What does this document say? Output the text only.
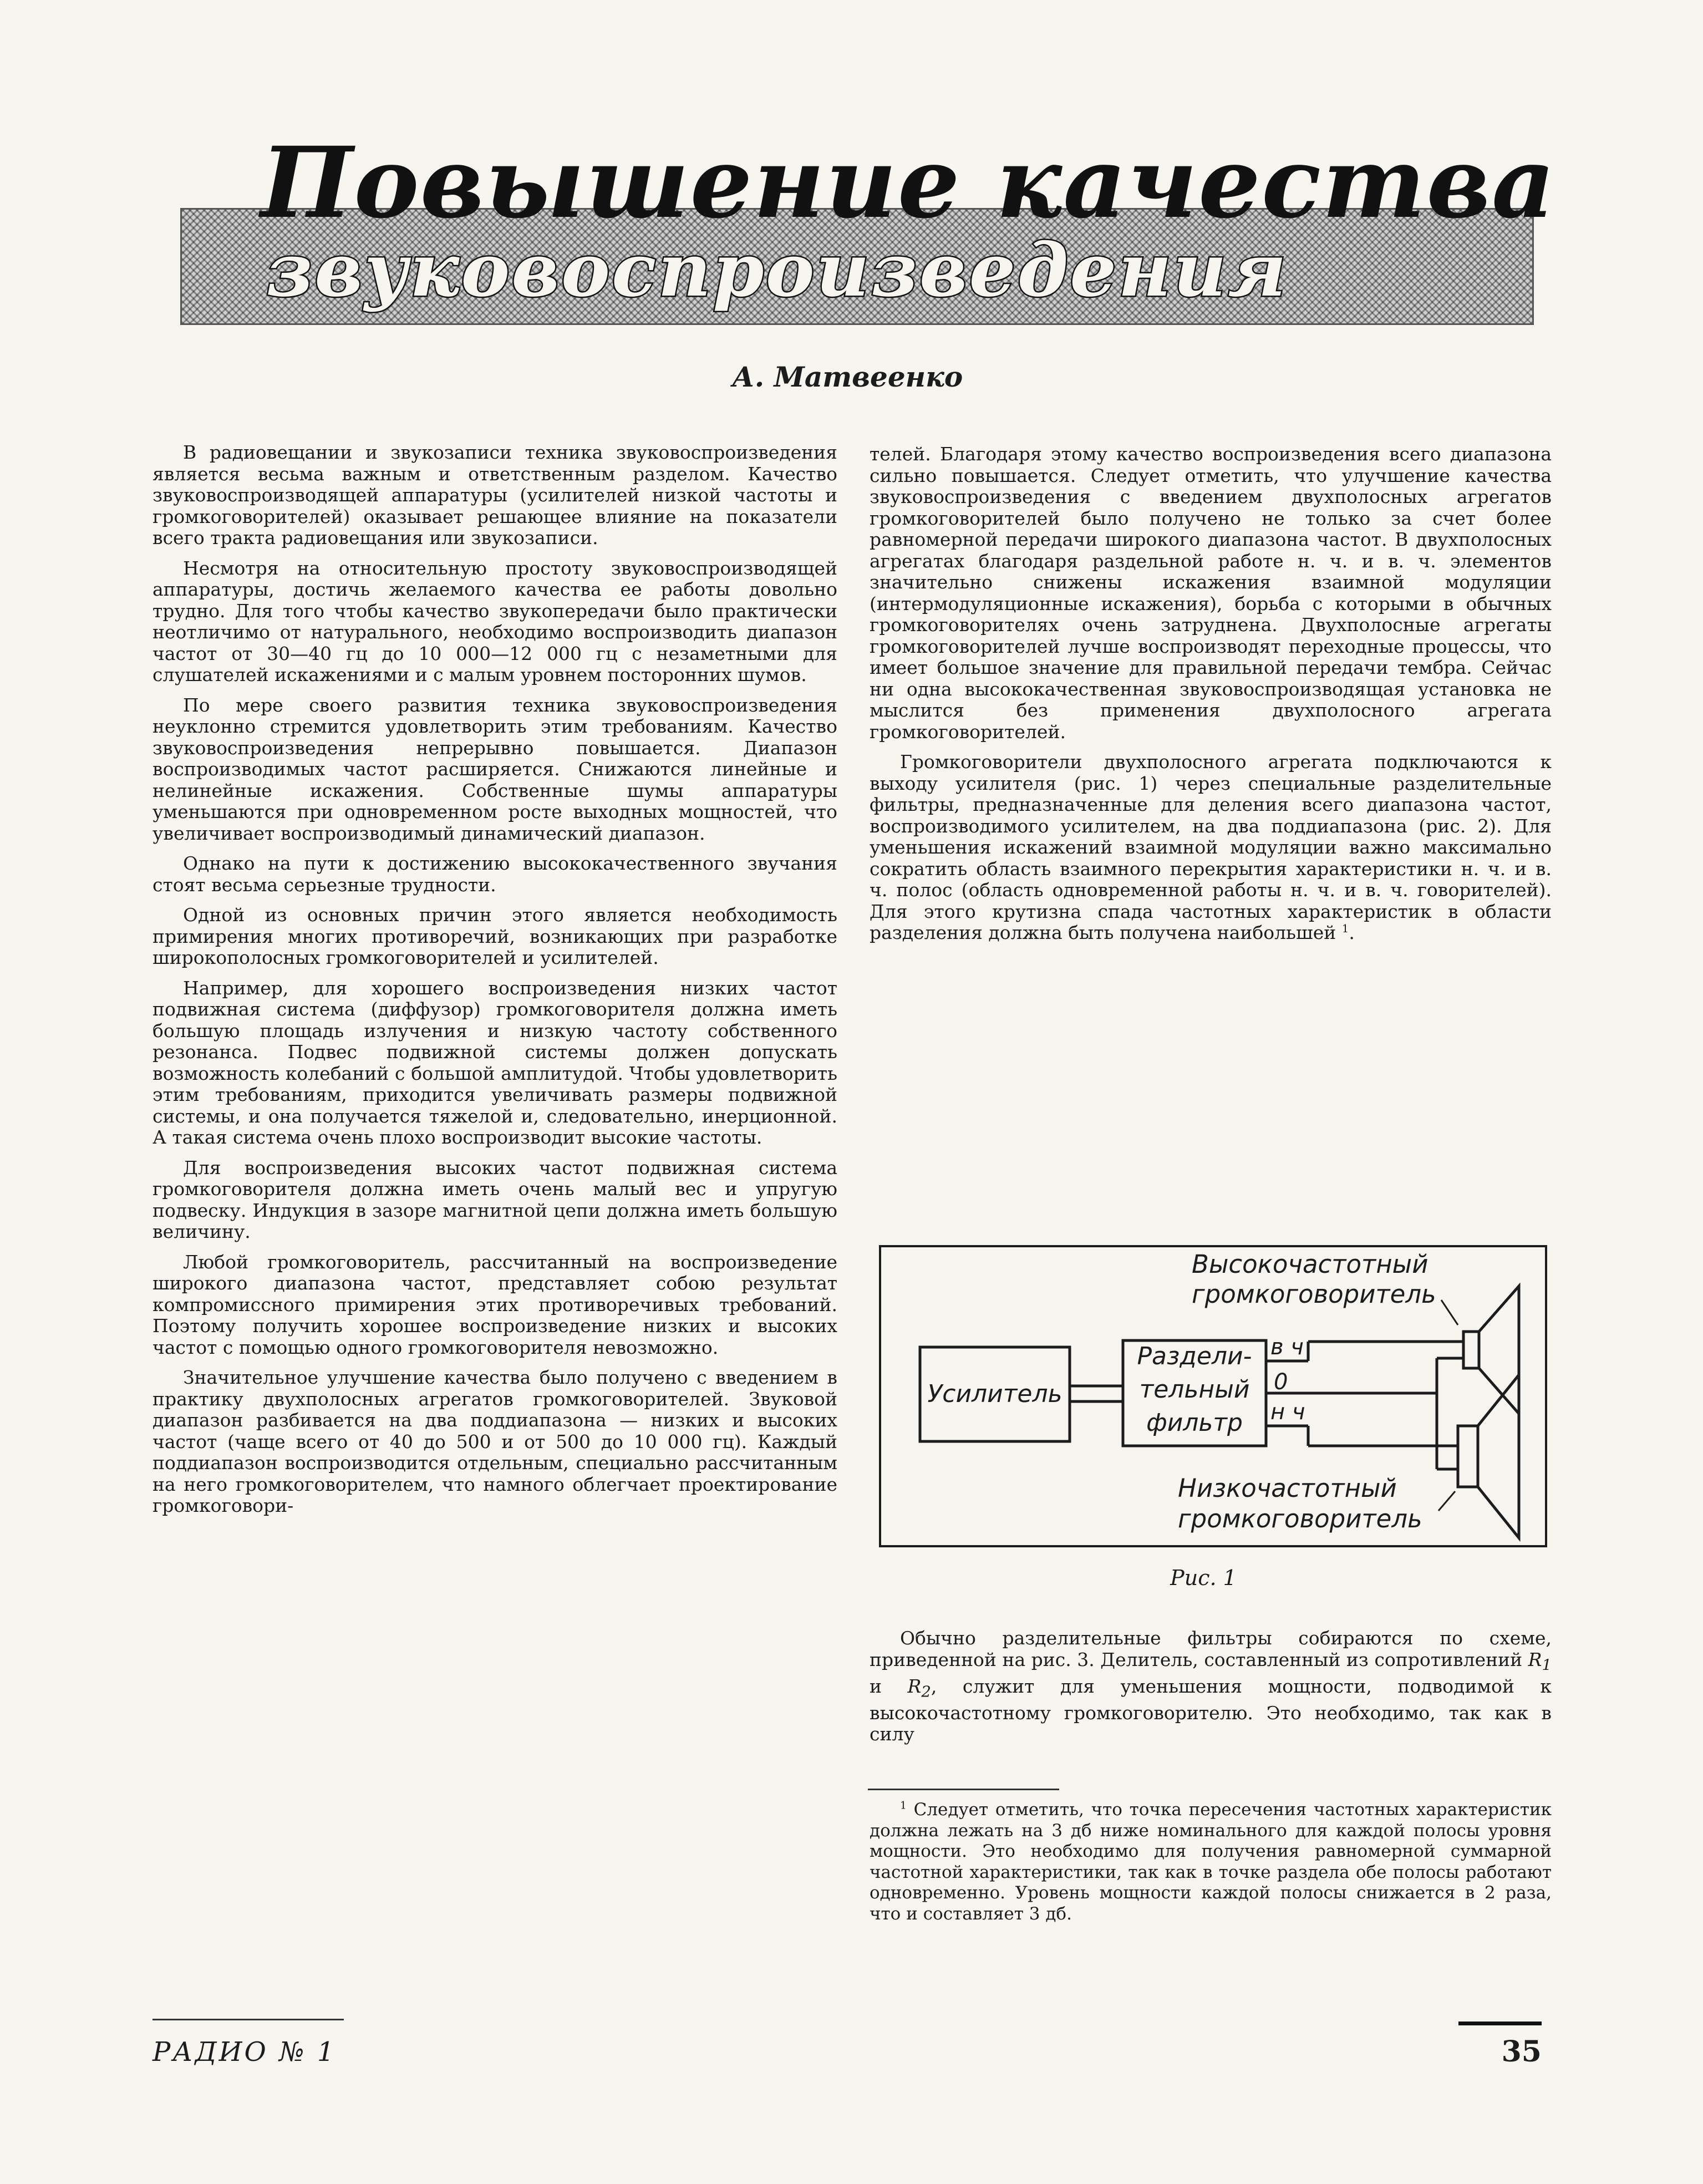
Повышение качества
звуковоспроизведения
А. Матвеенко

В радиовещании и звукозаписи техника звуковоспроизведения является весьма важным и ответственным разделом. Качество звуковоспроизводящей аппаратуры (усилителей низкой частоты и громкоговорителей) оказывает решающее влияние на показатели всего тракта радиовещания или звукозаписи.

Несмотря на относительную простоту звуковоспроизводящей аппаратуры, достичь желаемого качества ее работы довольно трудно. Для того чтобы качество звукопередачи было практически неотличимо от натурального, необходимо воспроизводить диапазон частот от 30—40 гц до 10 000—12 000 гц с незаметными для слушателей искажениями и с малым уровнем посторонних шумов.

По мере своего развития техника звуковоспроизведения неуклонно стремится удовлетворить этим требованиям. Качество звуковоспроизведения непрерывно повышается. Диапазон воспроизводимых частот расширяется. Снижаются линейные и нелинейные искажения. Собственные шумы аппаратуры уменьшаются при одновременном росте выходных мощностей, что увеличивает воспроизводимый динамический диапазон.

Однако на пути к достижению высококачественного звучания стоят весьма серьезные трудности.

Одной из основных причин этого является необходимость примирения многих противоречий, возникающих при разработке широкополосных громкоговорителей и усилителей.

Например, для хорошего воспроизведения низких частот подвижная система (диффузор) громкоговорителя должна иметь большую площадь излучения и низкую частоту собственного резонанса. Подвес подвижной системы должен допускать возможность колебаний с большой амплитудой. Чтобы удовлетворить этим требованиям, приходится увеличивать размеры подвижной системы, и она получается тяжелой и, следовательно, инерционной. А такая система очень плохо воспроизводит высокие частоты.

Для воспроизведения высоких частот подвижная система громкоговорителя должна иметь очень малый вес и упругую подвеску. Индукция в зазоре магнитной цепи должна иметь большую величину.

Любой громкоговоритель, рассчитанный на воспроизведение широкого диапазона частот, представляет собою результат компромиссного примирения этих противоречивых требований. Поэтому получить хорошее воспроизведение низких и высоких частот с помощью одного громкоговорителя невозможно.

Значительное улучшение качества было получено с введением в практику двухполосных агрегатов громкоговорителей. Звуковой диапазон разбивается на два поддиапазона — низких и высоких частот (чаще всего от 40 до 500 и от 500 до 10 000 гц). Каждый поддиапазон воспроизводится отдельным, специально рассчитанным на него громкоговорителем, что намного облегчает проектирование громкоговори-

телей. Благодаря этому качество воспроизведения всего диапазона сильно повышается. Следует отметить, что улучшение качества звуковоспроизведения с введением двухполосных агрегатов громкоговорителей было получено не только за счет более равномерной передачи широкого диапазона частот. В двухполосных агрегатах благодаря раздельной работе н. ч. и в. ч. элементов значительно снижены искажения взаимной модуляции (интермодуляционные искажения), борьба с которыми в обычных громкоговорителях очень затруднена. Двухполосные агрегаты громкоговорителей лучше воспроизводят переходные процессы, что имеет большое значение для правильной передачи тембра. Сейчас ни одна высококачественная звуковоспроизводящая установка не мыслится без применения двухполосного агрегата громкоговорителей.

Громкоговорители двухполосного агрегата подключаются к выходу усилителя (рис. 1) через специальные разделительные фильтры, предназначенные для деления всего диапазона частот, воспроизводимого усилителем, на два поддиапазона (рис. 2). Для уменьшения искажений взаимной модуляции важно максимально сократить область взаимного перекрытия характеристики н. ч. и в. ч. полос (область одновременной работы н. ч. и в. ч. говорителей). Для этого крутизна спада частотных характеристик в области разделения должна быть получена наибольшей $^1$.

Высокочастотный
громкоговоритель
Усилитель
Раздели-
тельный
фильтр
в ч
0
н ч
Низкочастотный
громкоговоритель
Рис. 1

Обычно разделительные фильтры собираются по схеме, приведенной на рис. 3. Делитель, составленный из сопротивлений $R_1$ и $R_2$, служит для уменьшения мощности, подводимой к высокочастотному громкоговорителю. Это необходимо, так как в силу

$^1$ Следует отметить, что точка пересечения частотных характеристик должна лежать на 3 дб ниже номинального для каждой полосы уровня мощности. Это необходимо для получения равномерной суммарной частотной характеристики, так как в точке раздела обе полосы работают одновременно. Уровень мощности каждой полосы снижается в 2 раза, что и составляет 3 дб.

РАДИО № 1	35
